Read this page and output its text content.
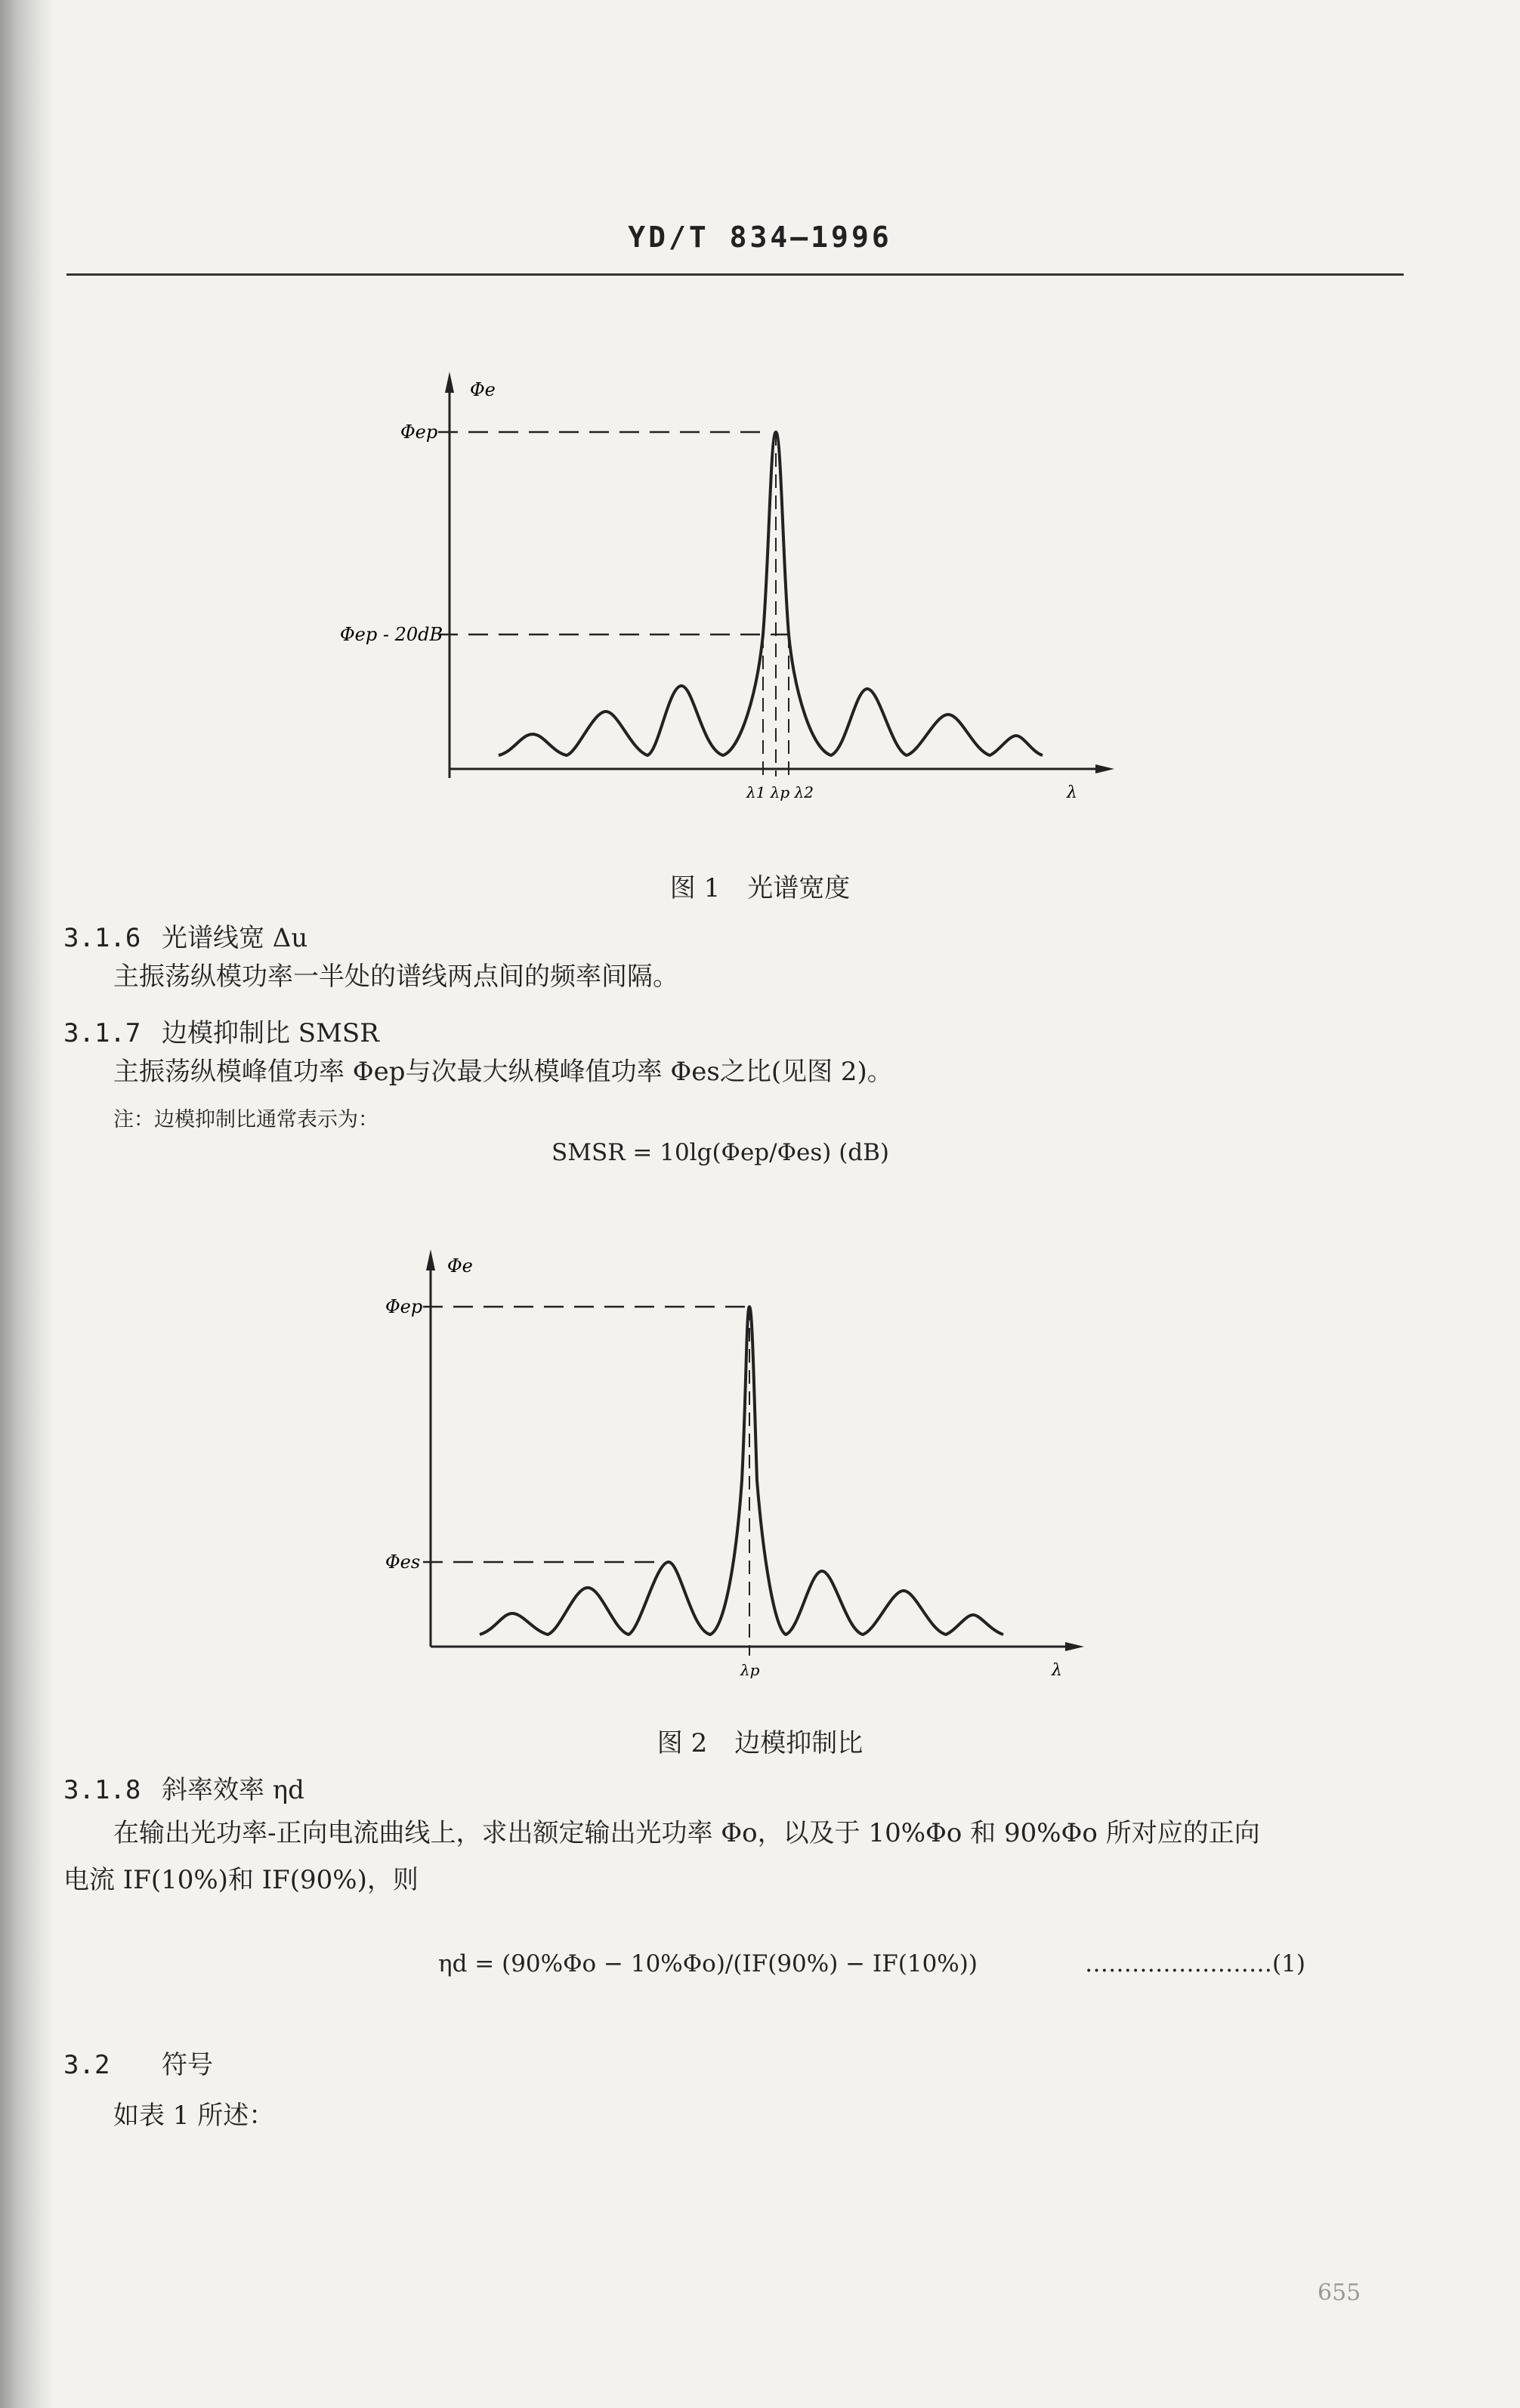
YD/T 834—1996
Φe
Φep
Φep - 20dB
λ1 λp λ2	λ
图 1 光谱宽度
3.1.6 光谱线宽 Δu
主振荡纵模功率一半处的谱线两点间的频率间隔。
3.1.7 边模抑制比 SMSR
主振荡纵模峰值功率 Φep与次最大纵模峰值功率 Φes之比(见图 2)。
注：边模抑制比通常表示为：
SMSR = 10lg(Φep/Φes) (dB)
Φe
Φep
Φes
λp	λ
图 2 边模抑制比
3.1.8 斜率效率 ηd
在输出光功率-正向电流曲线上，求出额定输出光功率 Φo，以及于 10%Φo 和 90%Φo 所对应的正向
电流 IF(10%)和 IF(90%)，则
ηd = (90%Φo − 10%Φo)/(IF(90%) − IF(10%))	……………………(1)
3.2 符号
如表 1 所述：
655
